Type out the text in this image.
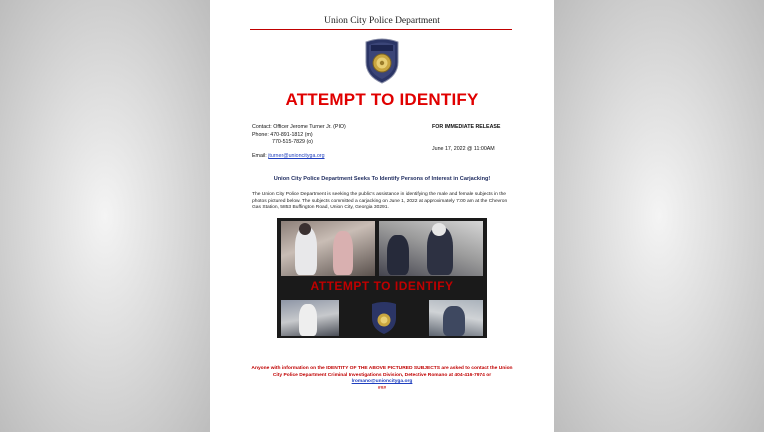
Union City Police Department
ATTEMPT TO IDENTIFY
Contact: Officer Jerome Turner Jr. (PIO)
Phone: 470-891-1812 (m)
770-515-7829 (o)
Email: jturner@unioncityga.org
FOR IMMEDIATE RELEASE
June 17, 2022 @ 11:00AM
Union City Police Department Seeks To Identify Persons of Interest in Carjacking!
The Union City Police Department is seeking the public's assistance in identifying the male and female subjects in the photos pictured below. The subjects committed a carjacking on June 1, 2022 at approximately 7:00 am at the Chevron Gas Station, 5853 Buffington Road, Union City, Georgia 30291.
ATTEMPT TO IDENTIFY
Anyone with information on the IDENTITY OF THE ABOVE PICTURED SUBJECTS are asked to contact the Union City Police Department Criminal Investigations Division, Detective Romano at 404-416-7974 or
lromano@unioncityga.org
###
